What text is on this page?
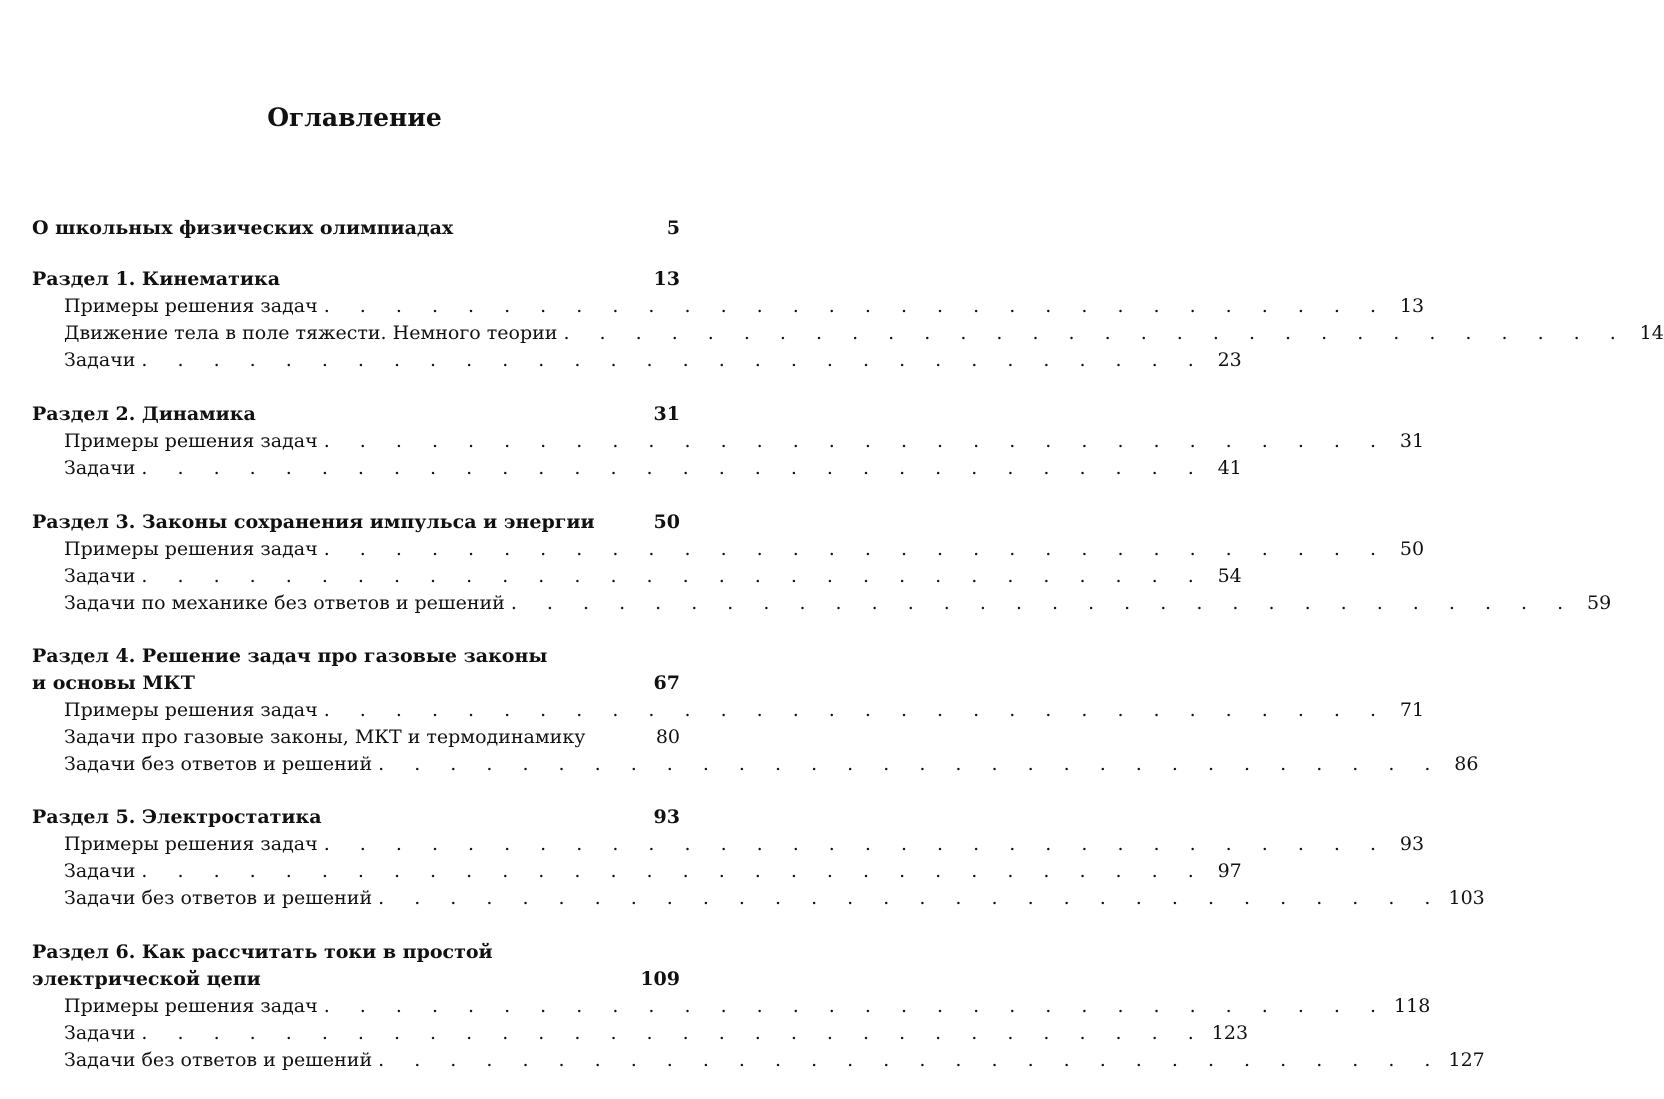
Оглавление
О школьных физических олимпиадах	5
Раздел 1. Кинематика	13
Примеры решения задач . . . . . . . . . . . . . . . . . . . . . . . . . . . . . . 13
Движение тела в поле тяжести. Немного теории . . . . . . . . . . . . . . . . . . . . . . . . . . . . . . 14
Задачи . . . . . . . . . . . . . . . . . . . . . . . . . . . . . . 23
Раздел 2. Динамика	31
Примеры решения задач . . . . . . . . . . . . . . . . . . . . . . . . . . . . . . 31
Задачи . . . . . . . . . . . . . . . . . . . . . . . . . . . . . . 41
Раздел 3. Законы сохранения импульса и энергии	50
Примеры решения задач . . . . . . . . . . . . . . . . . . . . . . . . . . . . . . 50
Задачи . . . . . . . . . . . . . . . . . . . . . . . . . . . . . . 54
Задачи по механике без ответов и решений . . . . . . . . . . . . . . . . . . . . . . . . . . . . . . 59
Раздел 4. Решение задач про газовые законы
и основы МКТ	67
Примеры решения задач . . . . . . . . . . . . . . . . . . . . . . . . . . . . . . 71
Задачи про газовые законы, МКТ и термодинамику	80
Задачи без ответов и решений . . . . . . . . . . . . . . . . . . . . . . . . . . . . . . 86
Раздел 5. Электростатика	93
Примеры решения задач . . . . . . . . . . . . . . . . . . . . . . . . . . . . . . 93
Задачи . . . . . . . . . . . . . . . . . . . . . . . . . . . . . . 97
Задачи без ответов и решений . . . . . . . . . . . . . . . . . . . . . . . . . . . . . . 103
Раздел 6. Как рассчитать токи в простой
электрической цепи	109
Примеры решения задач . . . . . . . . . . . . . . . . . . . . . . . . . . . . . . 118
Задачи . . . . . . . . . . . . . . . . . . . . . . . . . . . . . . 123
Задачи без ответов и решений . . . . . . . . . . . . . . . . . . . . . . . . . . . . . . 127
